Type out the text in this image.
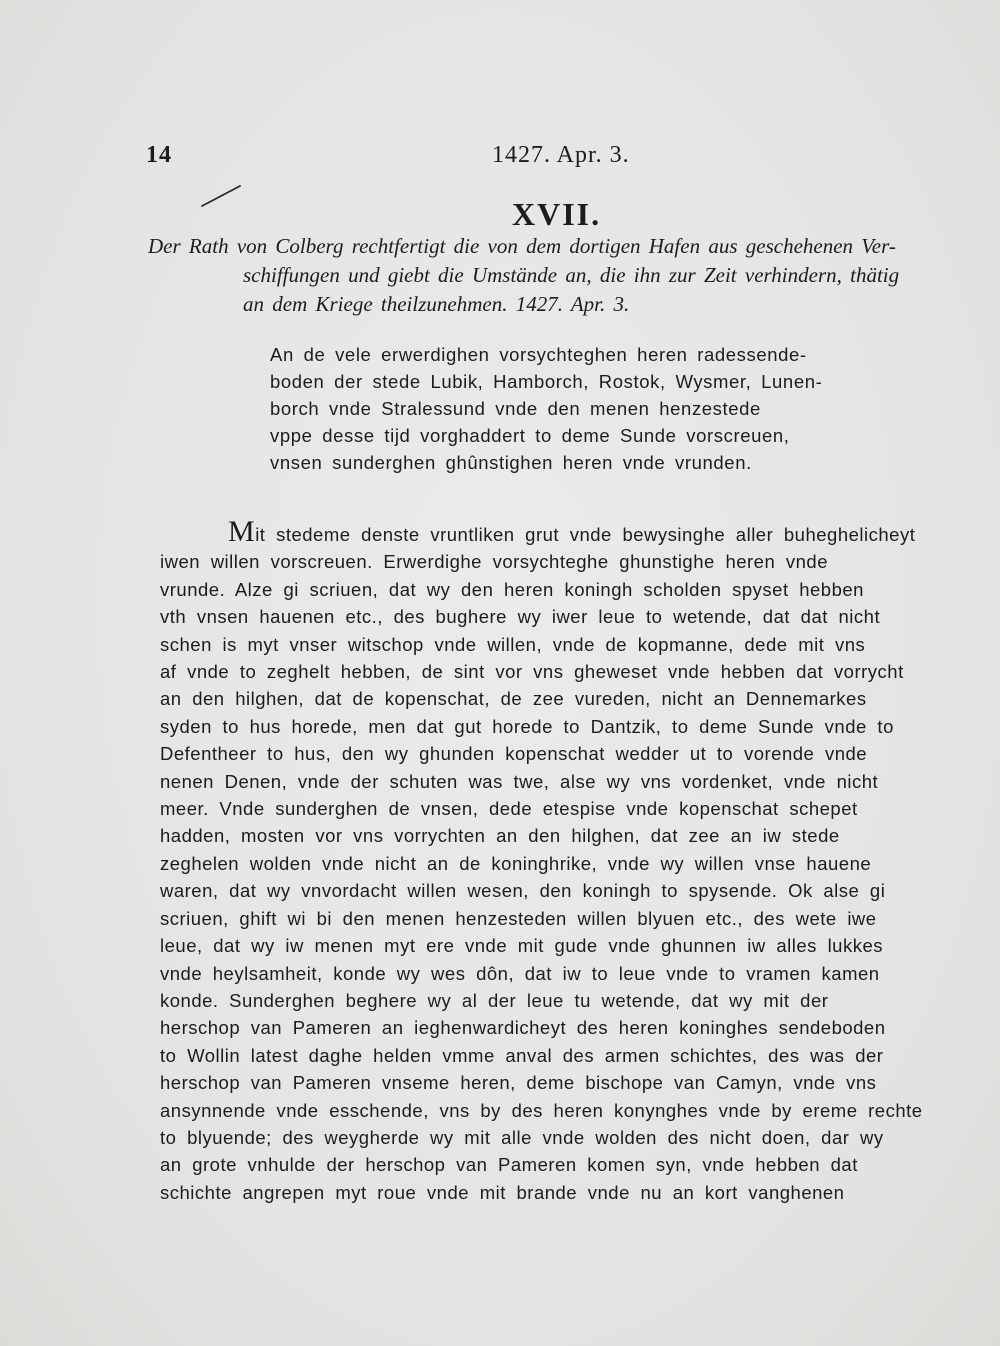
14	1427. Apr. 3.
XVII.
Der Rath von Colberg rechtfertigt die von dem dortigen Hafen aus geschehenen Ver-
schiffungen und giebt die Umstände an, die ihn zur Zeit verhindern, thätig
an dem Kriege theilzunehmen. 1427. Apr. 3.
An de vele erwerdighen vorsychteghen heren radessende-
boden der stede Lubik, Hamborch, Rostok, Wysmer, Lunen-
borch vnde Stralessund vnde den menen henzestede
vppe desse tijd vorghaddert to deme Sunde vorscreuen,
vnsen sunderghen ghûnstighen heren vnde vrunden.
Mit stedeme denste vruntliken grut vnde bewysinghe aller buheghelicheyt
iwen willen vorscreuen. Erwerdighe vorsychteghe ghunstighe heren vnde
vrunde. Alze gi scriuen, dat wy den heren koningh scholden spyset hebben
vth vnsen hauenen etc., des bughere wy iwer leue to wetende, dat dat nicht
schen is myt vnser witschop vnde willen, vnde de kopmanne, dede mit vns
af vnde to zeghelt hebben, de sint vor vns gheweset vnde hebben dat vorrycht
an den hilghen, dat de kopenschat, de zee vureden, nicht an Dennemarkes
syden to hus horede, men dat gut horede to Dantzik, to deme Sunde vnde to
Defentheer to hus, den wy ghunden kopenschat wedder ut to vorende vnde
nenen Denen, vnde der schuten was twe, alse wy vns vordenket, vnde nicht
meer. Vnde sunderghen de vnsen, dede etespise vnde kopenschat schepet
hadden, mosten vor vns vorrychten an den hilghen, dat zee an iw stede
zeghelen wolden vnde nicht an de koninghrike, vnde wy willen vnse hauene
waren, dat wy vnvordacht willen wesen, den koningh to spysende. Ok alse gi
scriuen, ghift wi bi den menen henzesteden willen blyuen etc., des wete iwe
leue, dat wy iw menen myt ere vnde mit gude vnde ghunnen iw alles lukkes
vnde heylsamheit, konde wy wes dôn, dat iw to leue vnde to vramen kamen
konde. Sunderghen beghere wy al der leue tu wetende, dat wy mit der
herschop van Pameren an ieghenwardicheyt des heren koninghes sendeboden
to Wollin latest daghe helden vmme anval des armen schichtes, des was der
herschop van Pameren vnseme heren, deme bischope van Camyn, vnde vns
ansynnende vnde esschende, vns by des heren konynghes vnde by ereme rechte
to blyuende; des weygherde wy mit alle vnde wolden des nicht doen, dar wy
an grote vnhulde der herschop van Pameren komen syn, vnde hebben dat
schichte angrepen myt roue vnde mit brande vnde nu an kort vanghenen
